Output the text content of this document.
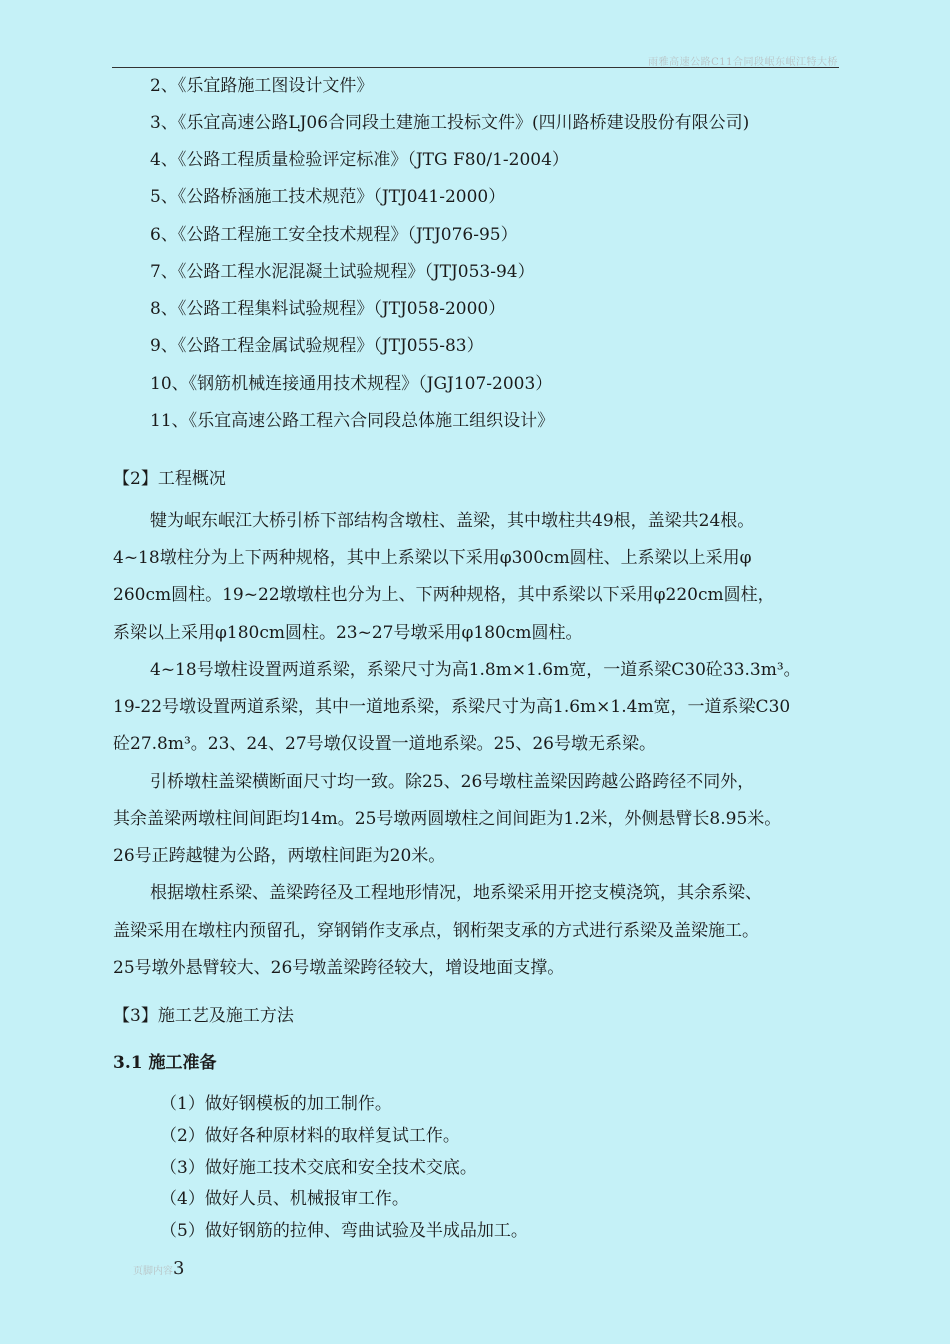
雨雅高速公路C11合同段岷东岷江特大桥
2、《乐宜路施工图设计文件》
3、《乐宜高速公路LJ06合同段土建施工投标文件》(四川路桥建设股份有限公司)
4、《公路工程质量检验评定标准》（JTG F80/1-2004）
5、《公路桥涵施工技术规范》（JTJ041-2000）
6、《公路工程施工安全技术规程》（JTJ076-95）
7、《公路工程水泥混凝土试验规程》（JTJ053-94）
8、《公路工程集料试验规程》（JTJ058-2000）
9、《公路工程金属试验规程》（JTJ055-83）
10、《钢筋机械连接通用技术规程》（JGJ107-2003）
11、《乐宜高速公路工程六合同段总体施工组织设计》
【2】工程概况
犍为岷东岷江大桥引桥下部结构含墩柱、盖梁，其中墩柱共49根，盖梁共24根。
4~18墩柱分为上下两种规格，其中上系梁以下采用φ300cm圆柱、上系梁以上采用φ
260cm圆柱。19~22墩墩柱也分为上、下两种规格，其中系梁以下采用φ220cm圆柱，
系梁以上采用φ180cm圆柱。23~27号墩采用φ180cm圆柱。
4~18号墩柱设置两道系梁，系梁尺寸为高1.8m×1.6m宽，一道系梁C30砼33.3m³。
19-22号墩设置两道系梁，其中一道地系梁，系梁尺寸为高1.6m×1.4m宽，一道系梁C30
砼27.8m³。23、24、27号墩仅设置一道地系梁。25、26号墩无系梁。
引桥墩柱盖梁横断面尺寸均一致。除25、26号墩柱盖梁因跨越公路跨径不同外，
其余盖梁两墩柱间间距均14m。25号墩两圆墩柱之间间距为1.2米，外侧悬臂长8.95米。
26号正跨越犍为公路，两墩柱间距为20米。
根据墩柱系梁、盖梁跨径及工程地形情况，地系梁采用开挖支模浇筑，其余系梁、
盖梁采用在墩柱内预留孔，穿钢销作支承点，钢桁架支承的方式进行系梁及盖梁施工。
25号墩外悬臂较大、26号墩盖梁跨径较大，增设地面支撑。
【3】施工艺及施工方法
3.1 施工准备
（1）做好钢模板的加工制作。
（2）做好各种原材料的取样复试工作。
（3）做好施工技术交底和安全技术交底。
（4）做好人员、机械报审工作。
（5）做好钢筋的拉伸、弯曲试验及半成品加工。
页脚内容3
